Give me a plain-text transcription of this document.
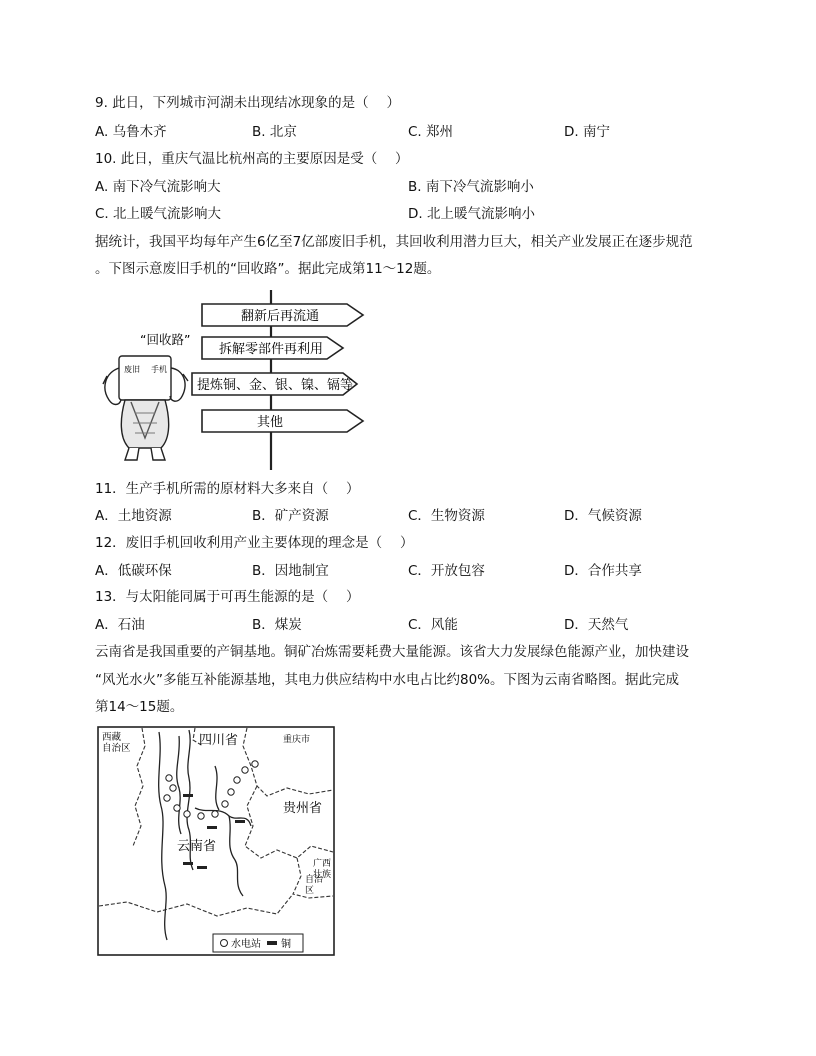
9. 此日，下列城市河湖未出现结冰现象的是（　 ）
A. 乌鲁木齐	B. 北京	C. 郑州	D. 南宁
10. 此日，重庆气温比杭州高的主要原因是受（　 ）
A. 南下冷气流影响大	B. 南下冷气流影响小
C. 北上暖气流影响大	D. 北上暖气流影响小
据统计，我国平均每年产生6亿至7亿部废旧手机，其回收利用潜力巨大，相关产业发展正在逐步规范
。下图示意废旧手机的“回收路”。据此完成第11～12题。
翻新后再流通
拆解零部件再利用
提炼铜、金、银、镍、镉等
其他
“回收路”
废旧 手机
11．生产手机所需的原材料大多来自（　 ）
A．土地资源	B．矿产资源	C．生物资源	D．气候资源
12．废旧手机回收利用产业主要体现的理念是（　 ）
A．低碳环保	B．因地制宜	C．开放包容	D．合作共享
13．与太阳能同属于可再生能源的是（　 ）
A．石油	B．煤炭	C．风能	D．天然气
云南省是我国重要的产铜基地。铜矿冶炼需要耗费大量能源。该省大力发展绿色能源产业，加快建设
“风光水火”多能互补能源基地，其电力供应结构中水电占比约80%。下图为云南省略图。据此完成
第14～15题。
西藏
自治区
四川省	重庆市
贵州省
云南省
广西
壮族
自治
区
水电站 铜
